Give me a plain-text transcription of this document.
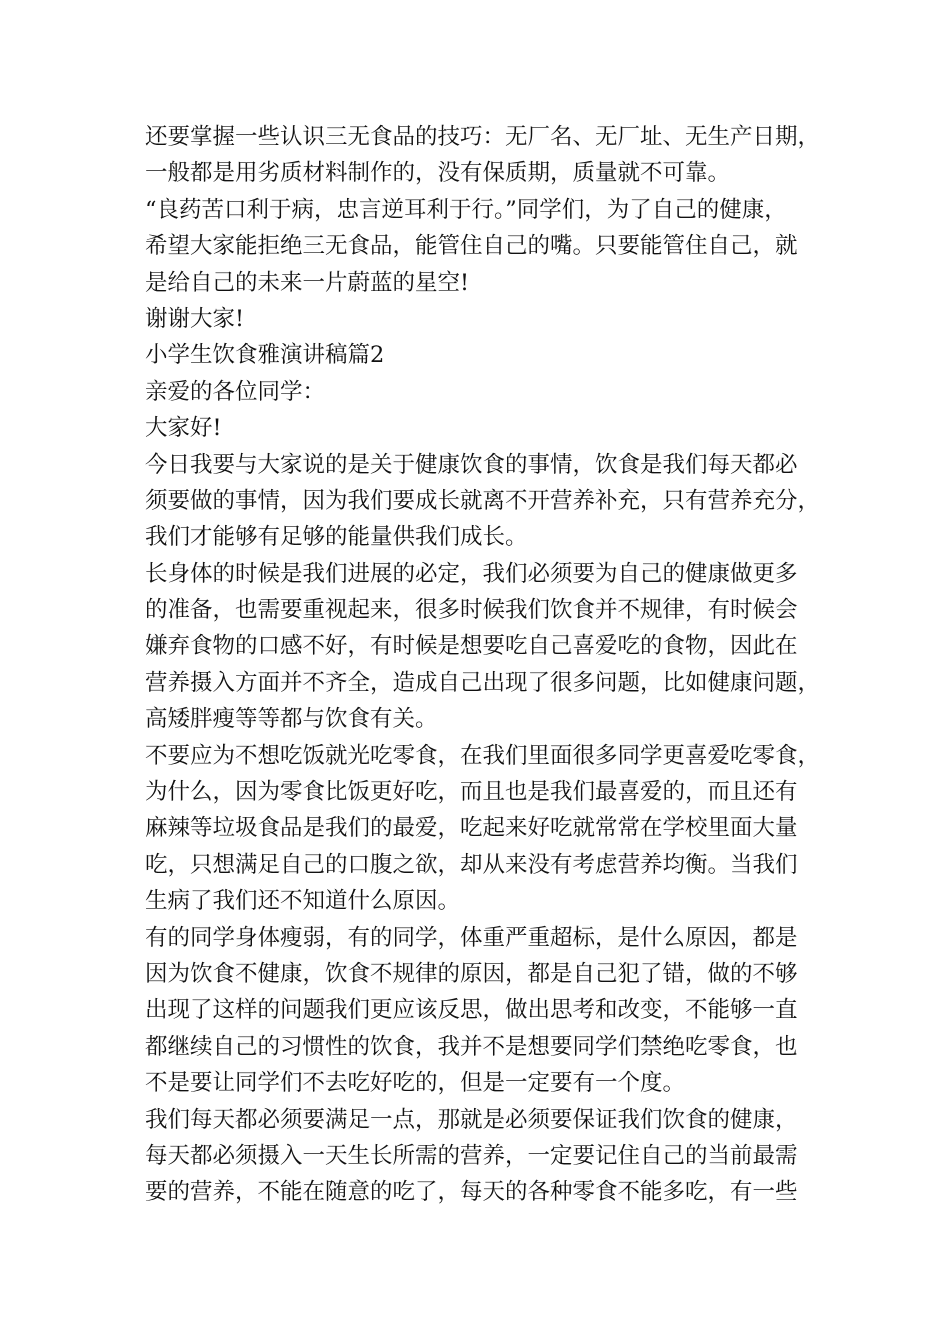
还要掌握一些认识三无食品的技巧：无厂名、无厂址、无生产日期，
一般都是用劣质材料制作的，没有保质期，质量就不可靠。
“良药苦口利于病，忠言逆耳利于行。”同学们，为了自己的健康，
希望大家能拒绝三无食品，能管住自己的嘴。只要能管住自己，就
是给自己的未来一片蔚蓝的星空!
谢谢大家!
小学生饮食雅演讲稿篇2
亲爱的各位同学：
大家好!
今日我要与大家说的是关于健康饮食的事情，饮食是我们每天都必
须要做的事情，因为我们要成长就离不开营养补充，只有营养充分，
我们才能够有足够的能量供我们成长。
长身体的时候是我们进展的必定，我们必须要为自己的健康做更多
的准备，也需要重视起来，很多时候我们饮食并不规律，有时候会
嫌弃食物的口感不好，有时候是想要吃自己喜爱吃的食物，因此在
营养摄入方面并不齐全，造成自己出现了很多问题，比如健康问题，
高矮胖瘦等等都与饮食有关。
不要应为不想吃饭就光吃零食，在我们里面很多同学更喜爱吃零食，
为什么，因为零食比饭更好吃，而且也是我们最喜爱的，而且还有
麻辣等垃圾食品是我们的最爱，吃起来好吃就常常在学校里面大量
吃，只想满足自己的口腹之欲，却从来没有考虑营养均衡。当我们
生病了我们还不知道什么原因。
有的同学身体瘦弱，有的同学，体重严重超标，是什么原因，都是
因为饮食不健康，饮食不规律的原因，都是自己犯了错，做的不够
出现了这样的问题我们更应该反思，做出思考和改变，不能够一直
都继续自己的习惯性的饮食，我并不是想要同学们禁绝吃零食，也
不是要让同学们不去吃好吃的，但是一定要有一个度。
我们每天都必须要满足一点，那就是必须要保证我们饮食的健康，
每天都必须摄入一天生长所需的营养，一定要记住自己的当前最需
要的营养，不能在随意的吃了，每天的各种零食不能多吃，有一些
